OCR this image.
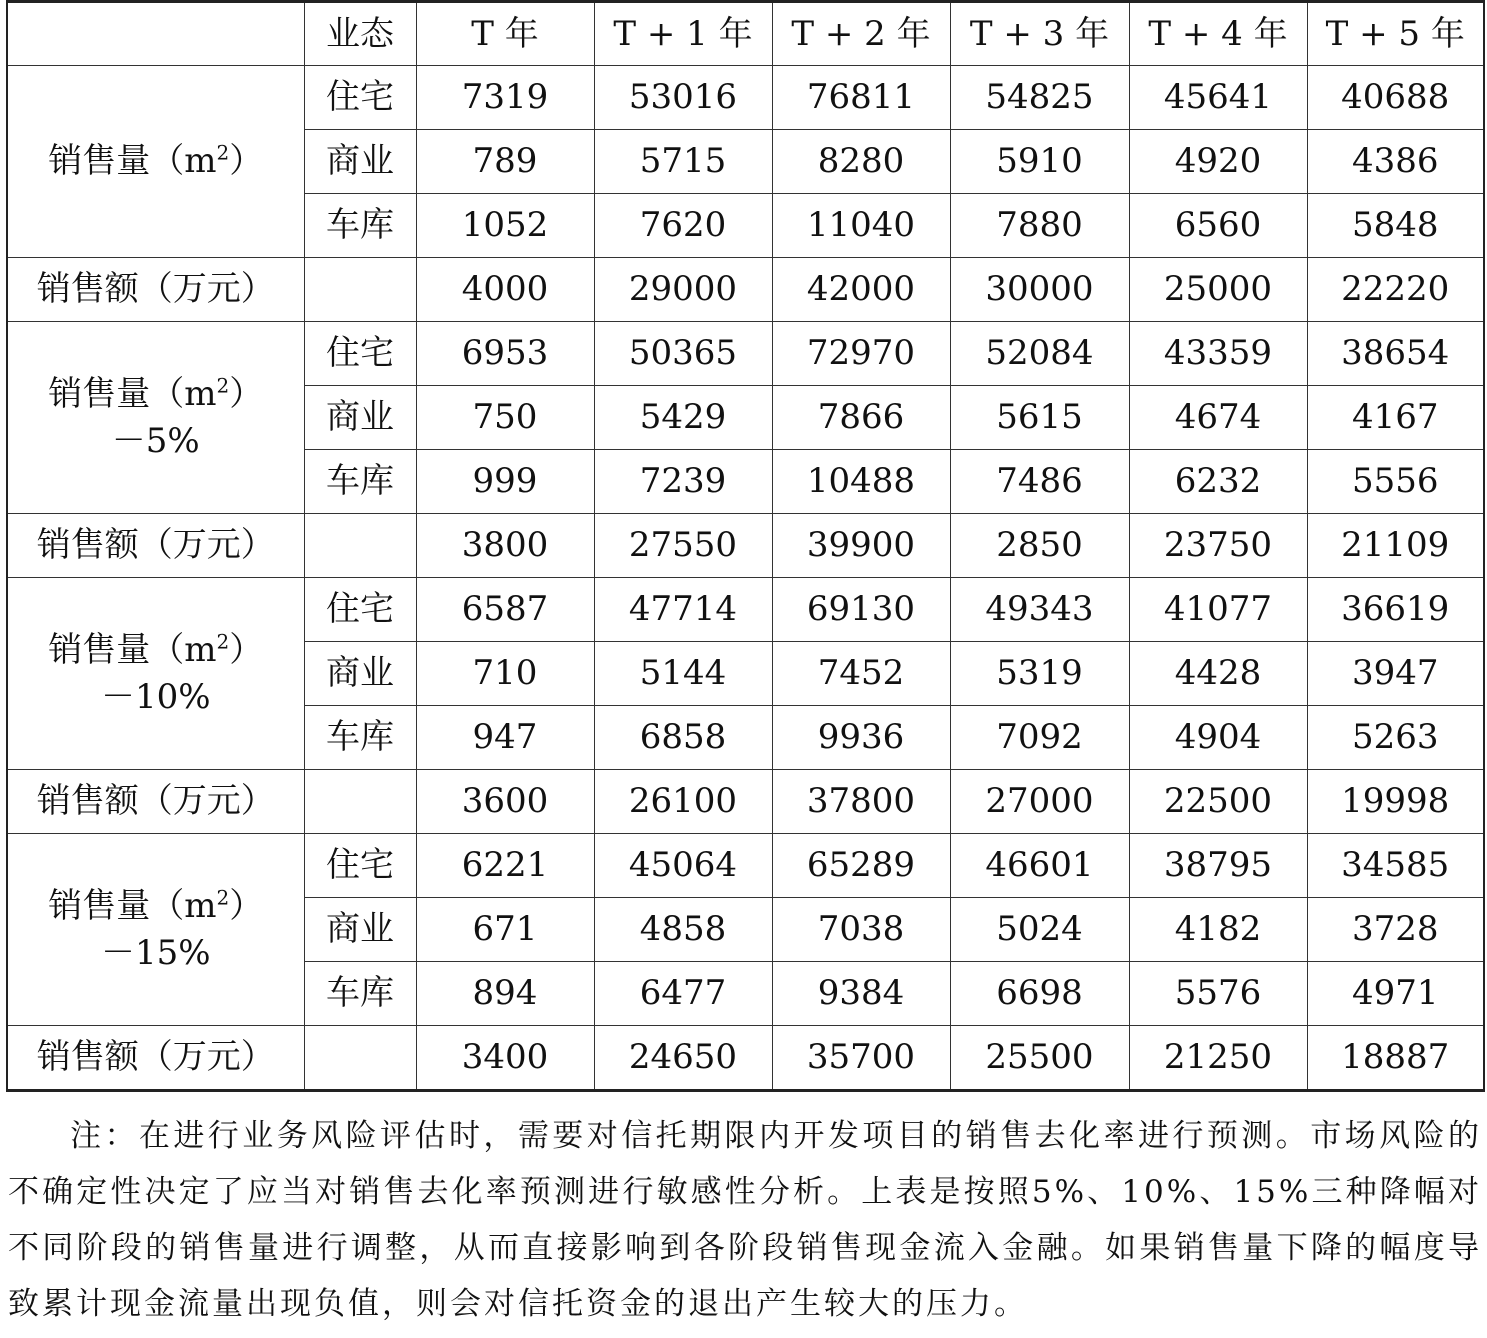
	业态	T 年	T + 1 年	T + 2 年	T + 3 年	T + 4 年	T + 5 年
销售量$(m^2)$	住宅	7319	53016	76811	54825	45641	40688
	商业	789	5715	8280	5910	4920	4386
	车库	1052	7620	11040	7880	6560	5848
销售额（万元）		4000	29000	42000	30000	25000	22220
销售量$(m^2)$
－5%	住宅	6953	50365	72970	52084	43359	38654
	商业	750	5429	7866	5615	4674	4167
	车库	999	7239	10488	7486	6232	5556
销售额（万元）		3800	27550	39900	2850	23750	21109
销售量$(m^2)$
－10%	住宅	6587	47714	69130	49343	41077	36619
	商业	710	5144	7452	5319	4428	3947
	车库	947	6858	9936	7092	4904	5263
销售额（万元）		3600	26100	37800	27000	22500	19998
销售量$(m^2)$
－15%	住宅	6221	45064	65289	46601	38795	34585
	商业	671	4858	7038	5024	4182	3728
	车库	894	6477	9384	6698	5576	4971
销售额（万元）		3400	24650	35700	25500	21250	18887

注：在进行业务风险评估时，需要对信托期限内开发项目的销售去化率进行预测。市场风险的不确定性决定了应当对销售去化率预测进行敏感性分析。上表是按照5%、10%、15%三种降幅对不同阶段的销售量进行调整，从而直接影响到各阶段销售现金流入金融。如果销售量下降的幅度导致累计现金流量出现负值，则会对信托资金的退出产生较大的压力。
